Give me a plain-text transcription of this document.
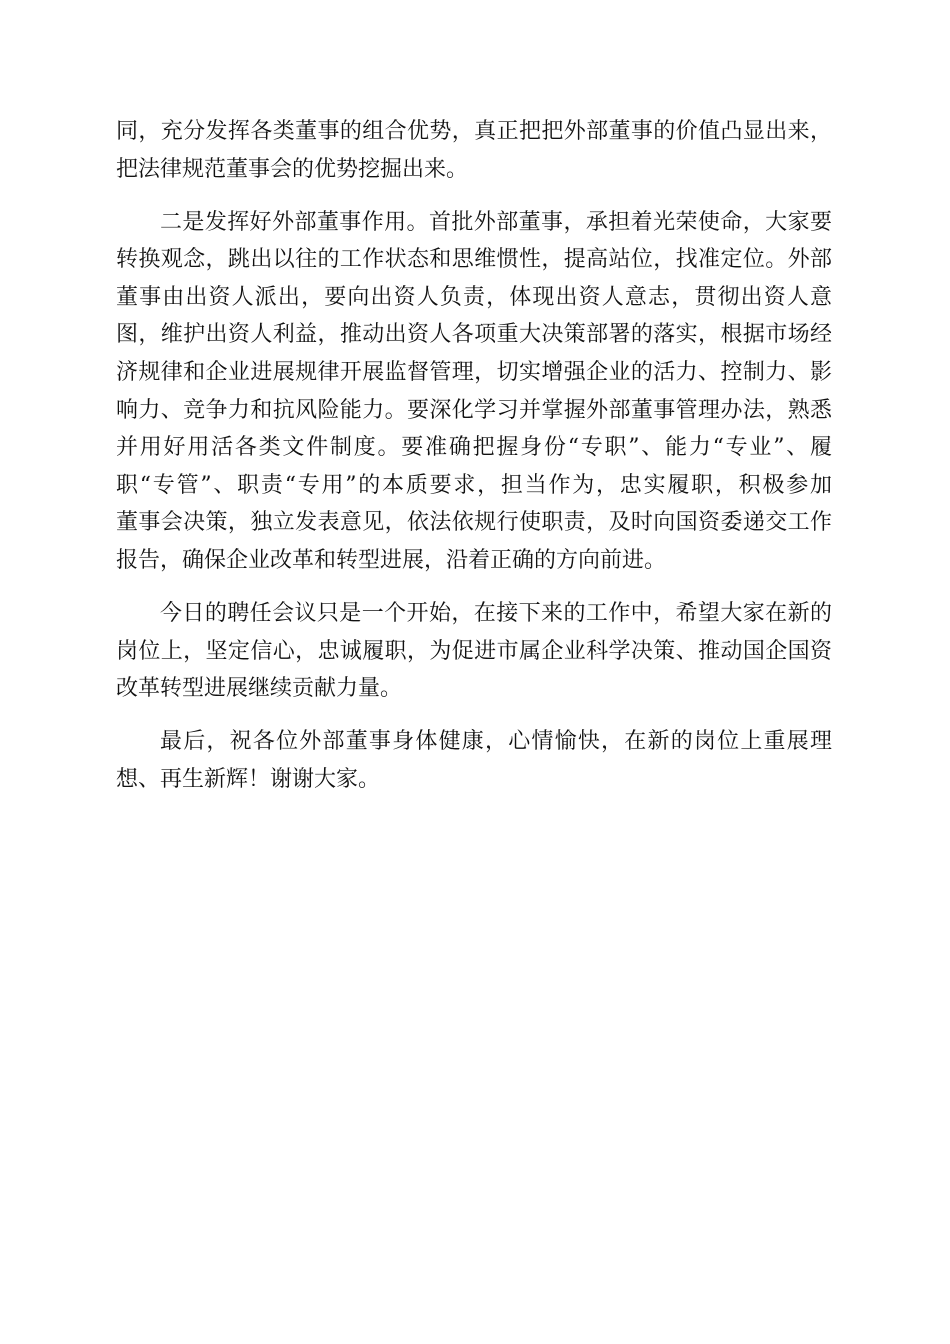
同，充分发挥各类董事的组合优势，真正把把外部董事的价值凸显出来，
把法律规范董事会的优势挖掘出来。
二是发挥好外部董事作用。首批外部董事，承担着光荣使命，大家要
转换观念，跳出以往的工作状态和思维惯性，提高站位，找准定位。外部
董事由出资人派出，要向出资人负责，体现出资人意志，贯彻出资人意
图，维护出资人利益，推动出资人各项重大决策部署的落实，根据市场经
济规律和企业进展规律开展监督管理，切实增强企业的活力、控制力、影
响力、竞争力和抗风险能力。要深化学习并掌握外部董事管理办法，熟悉
并用好用活各类文件制度。要准确把握身份“专职”、能力“专业”、履
职“专管”、职责“专用”的本质要求，担当作为，忠实履职，积极参加
董事会决策，独立发表意见，依法依规行使职责，及时向国资委递交工作
报告，确保企业改革和转型进展，沿着正确的方向前进。
今日的聘任会议只是一个开始，在接下来的工作中，希望大家在新的
岗位上，坚定信心，忠诚履职，为促进市属企业科学决策、推动国企国资
改革转型进展继续贡献力量。
最后，祝各位外部董事身体健康，心情愉快，在新的岗位上重展理
想、再生新辉！谢谢大家。
